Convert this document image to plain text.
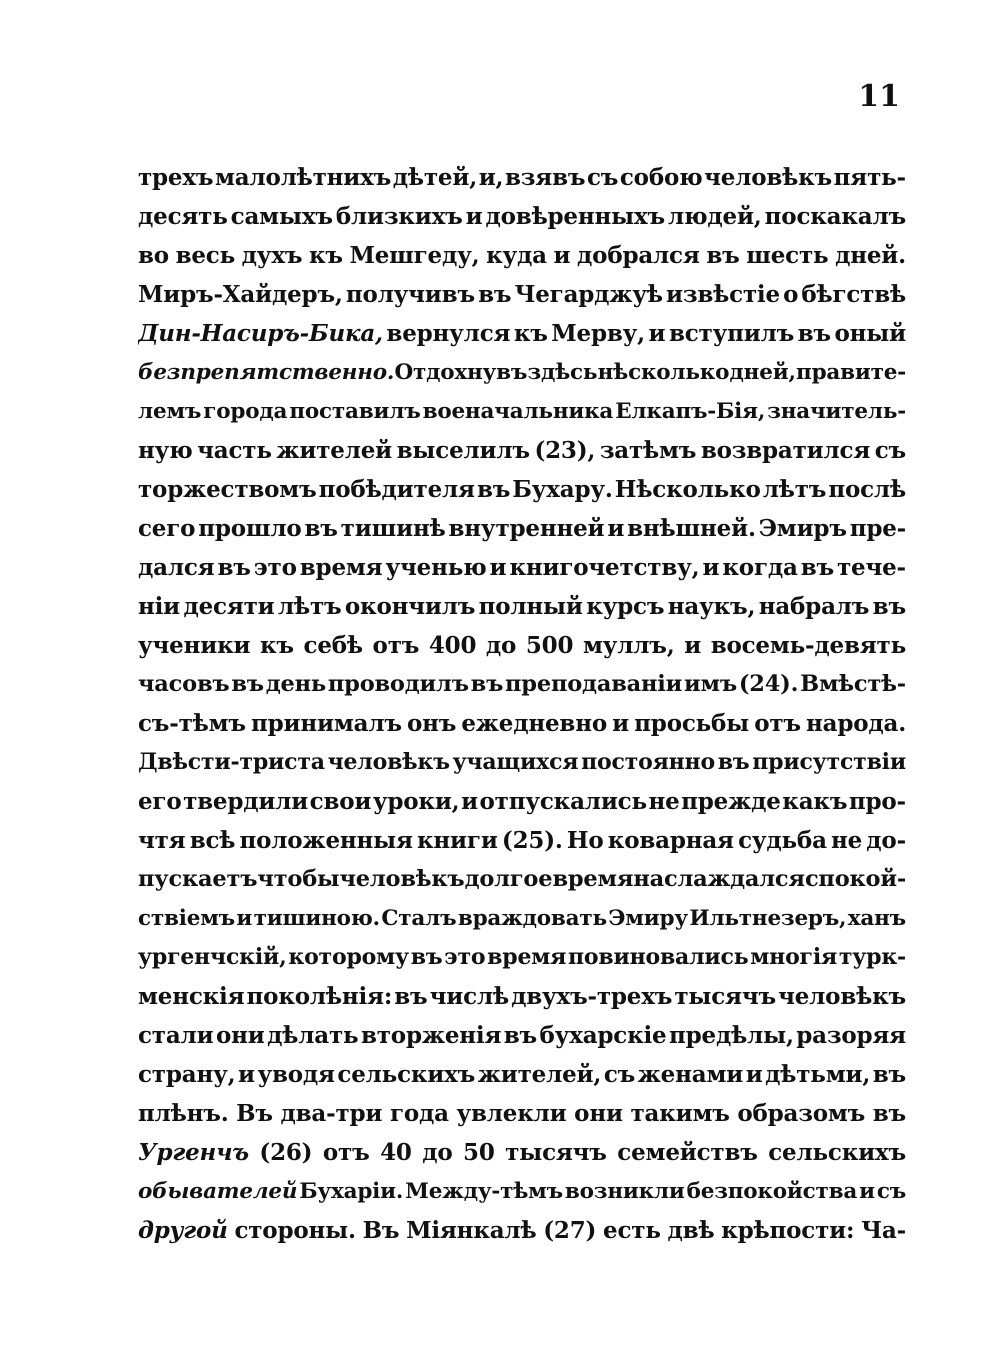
11
трехъ малолѣтнихъ дѣтей, и, взявъ съ собою человѣкъ пять-
десять самыхъ близкихъ и довѣренныхъ людей, поскакалъ
во весь духъ къ Мешгеду, куда и добрался въ шесть дней.
Миръ-Хайдеръ, получивъ въ Чегарджуѣ извѣстіе о бѣгствѣ
Дин-Насиръ-Бика, вернулся къ Мерву, и вступилъ въ оный
безпрепятственно. Отдохнувъ здѣсь нѣсколько дней, правите-
лемъ города поставилъ военачальника Елкапъ-Бія, значитель-
ную часть жителей выселилъ (23), затѣмъ возвратился съ
торжествомъ побѣдителя въ Бухару. Нѣсколько лѣтъ послѣ
сего прошло въ тишинѣ внутренней и внѣшней. Эмиръ пре-
дался въ это время ученью и книгочетству, и когда въ тече-
ніи десяти лѣтъ окончилъ полный курсъ наукъ, набралъ въ
ученики къ себѣ отъ 400 до 500 муллъ, и восемь-девять
часовъ въ день проводилъ въ преподаваніи имъ (24). Вмѣстѣ-
съ-тѣмъ принималъ онъ ежедневно и просьбы отъ народа.
Двѣсти-триста человѣкъ учащихся постоянно въ присутствіи
его твердили свои уроки, и отпускались не прежде какъ про-
чтя всѣ положенныя книги (25). Но коварная судьба не до-
пускаетъ чтобы человѣкъ долгое время наслаждался спокой-
ствіемъ и тишиною. Сталъ враждовать Эмиру Ильтнезеръ, ханъ
ургенчскій, которому въ это время повиновались многія турк-
менскія поколѣнія: въ числѣ двухъ-трехъ тысячъ человѣкъ
стали они дѣлать вторженія въ бухарскіе предѣлы, разоряя
страну, и уводя сельскихъ жителей, съ женами и дѣтьми, въ
плѣнъ. Въ два-три года увлекли они такимъ образомъ въ
Ургенчъ (26) отъ 40 до 50 тысячъ семействъ сельскихъ
обывателей Бухаріи. Между-тѣмъ возникли безпокойства и съ
другой стороны. Въ Міянкалѣ (27) есть двѣ крѣпости: Ча-
